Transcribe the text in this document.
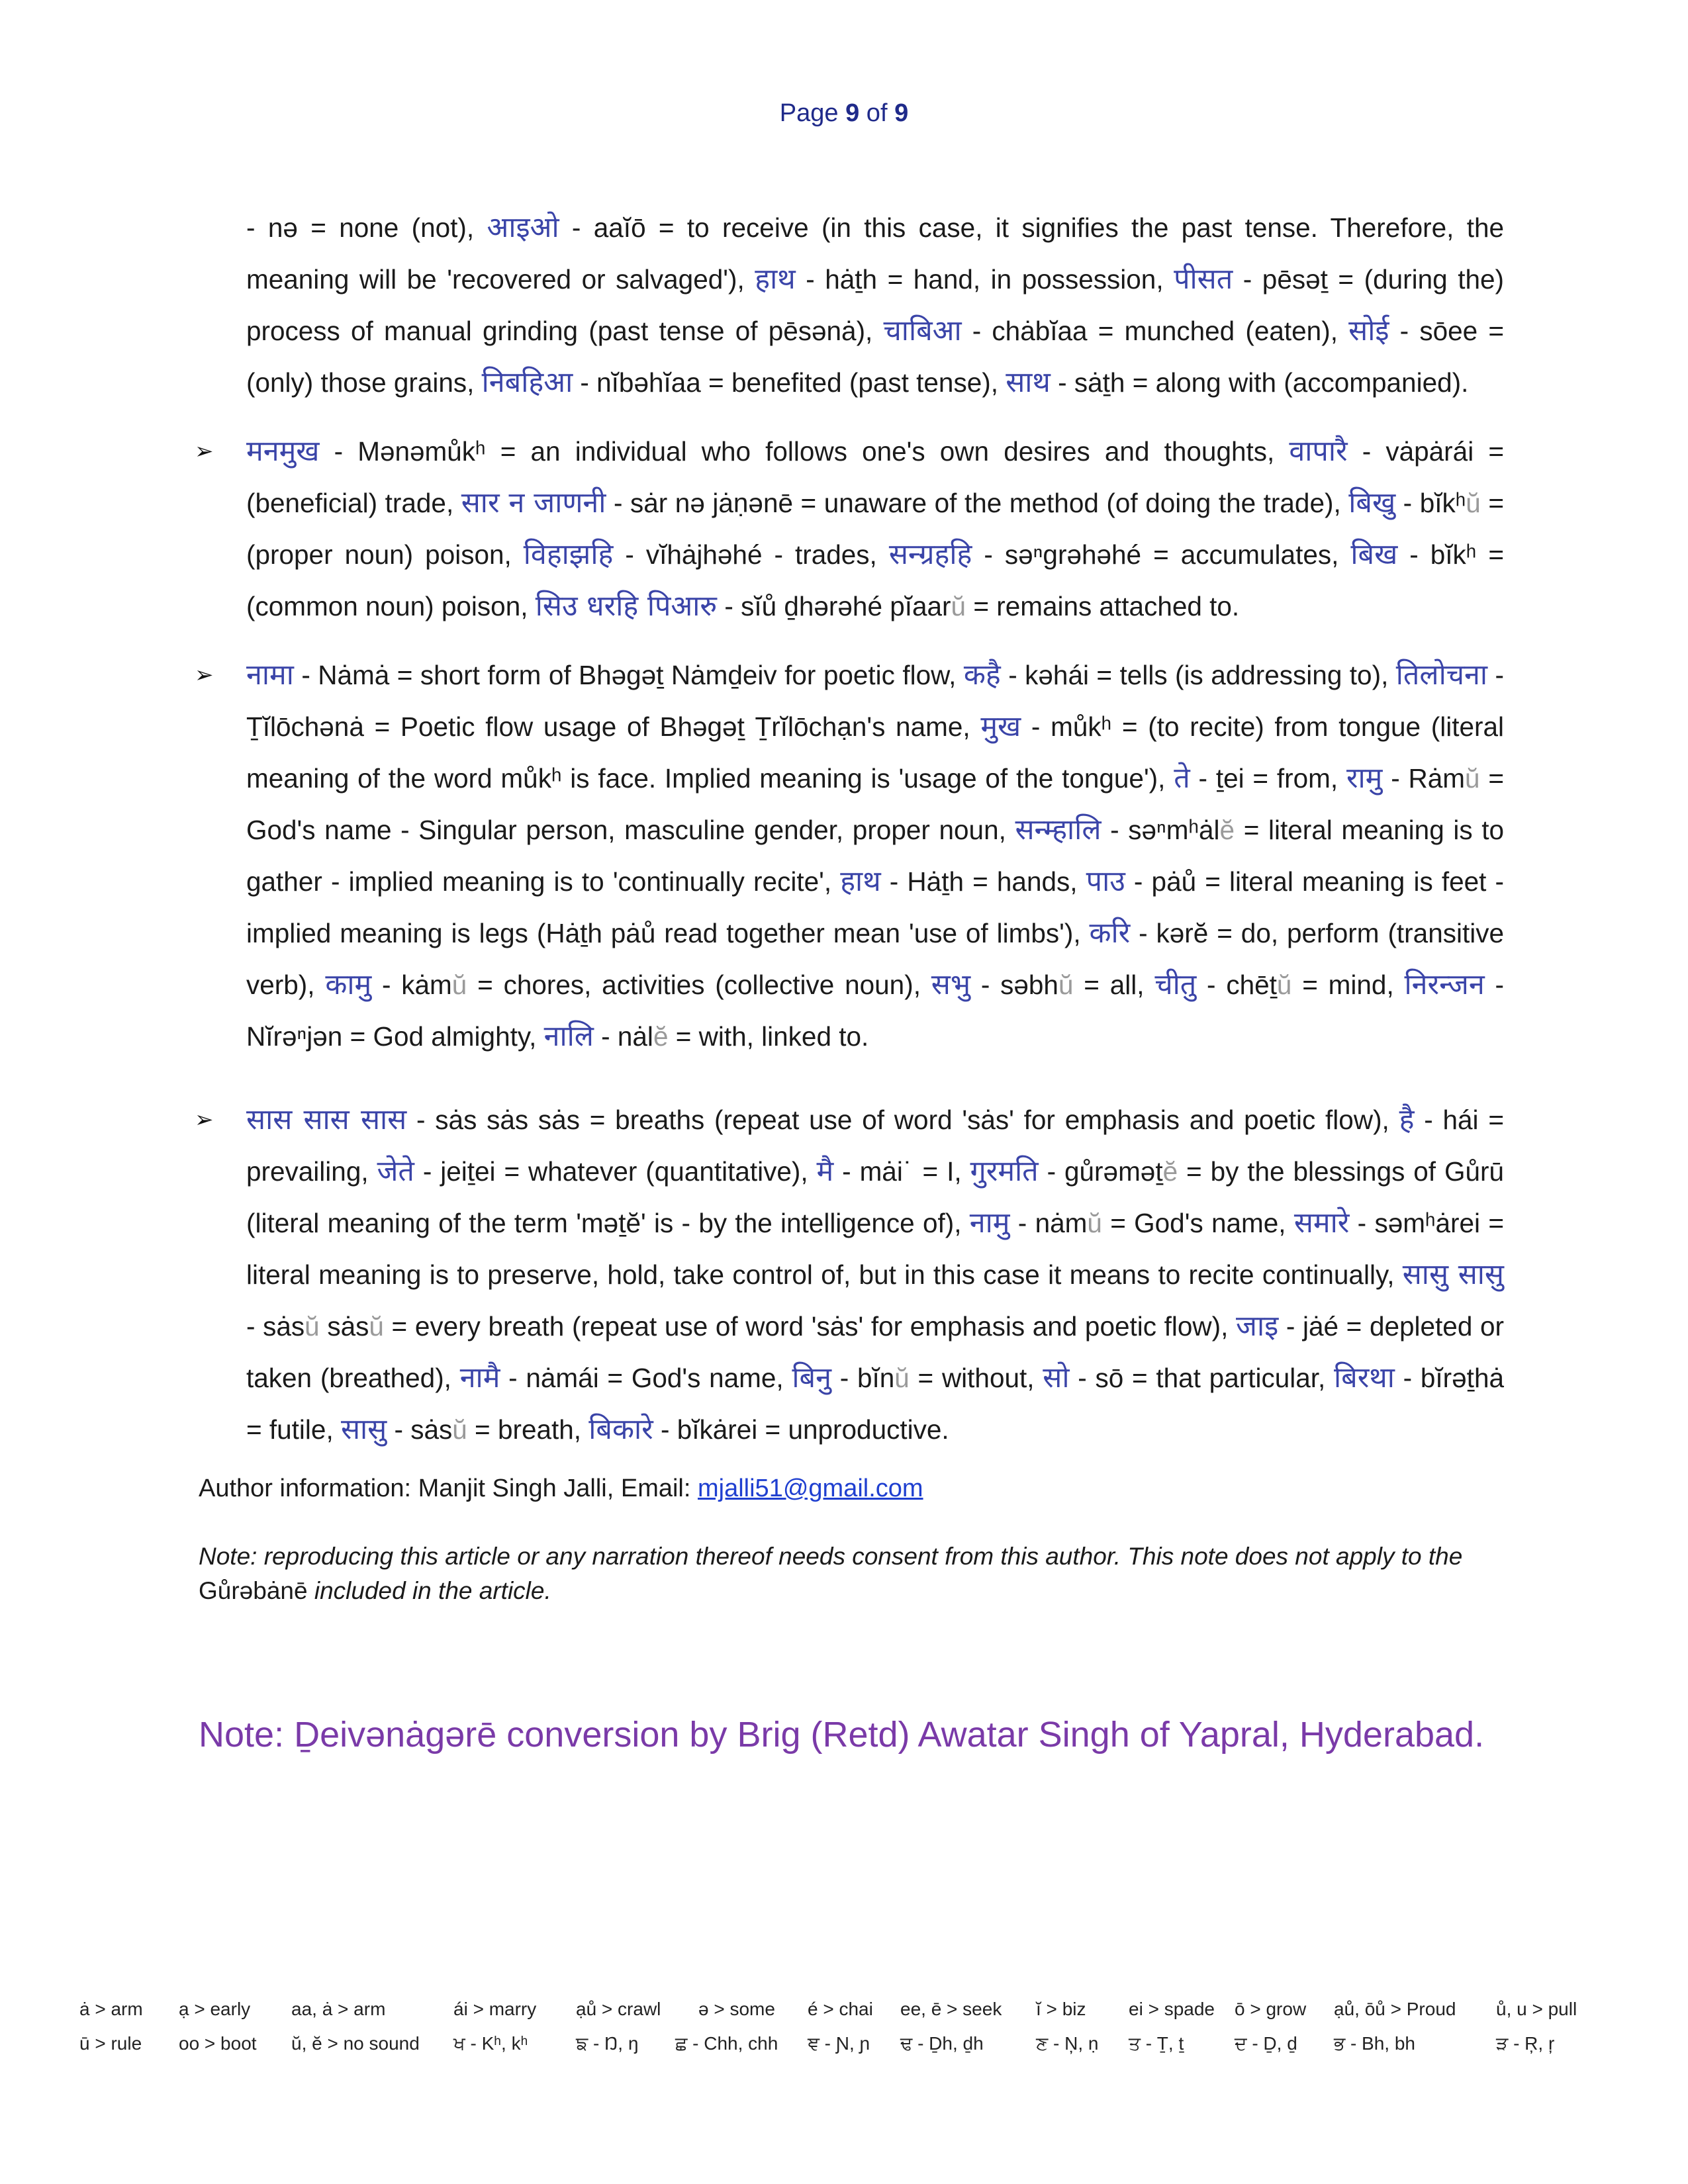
Page 9 of 9

- nə = none (not), आइओ - aaĭō = to receive (in this case, it signifies the past tense. Therefore, the meaning will be 'recovered or salvaged'), हाथ - hȧṯh = hand, in possession, पीसत - pēsəṯ = (during the) process of manual grinding (past tense of pēsənȧ), चाबिआ - chȧbĭaa = munched (eaten), सोई - sōee = (only) those grains, निबहिआ - nĭbəhĭaa = benefited (past tense), साथ - sȧṯh = along with (accompanied).

➢ मनमुख - Mənəmůkʰ = an individual who follows one's own desires and thoughts, वापारै - vȧpȧrái = (beneficial) trade, सार न जाणनी - sȧr nə jȧṇənē = unaware of the method (of doing the trade), बिखु - bĭkʰŭ = (proper noun) poison, विहाझहि - vĭhȧjhəhé - trades, सन्ग्रहहि - səⁿgrəhəhé = accumulates, बिख - bĭkʰ = (common noun) poison, सिउ धरहि पिआरु - sĭů ḏhərəhé pĭaarŭ = remains attached to.

➢ नामा - Nȧmȧ = short form of Bhəgəṯ Nȧmḏeiv for poetic flow, कहै - kəhái = tells (is addressing to), तिलोचना - Ṯĭlōchənȧ = Poetic flow usage of Bhəgəṯ Ṯrĭlōchạn's name, मुख - můkʰ = (to recite) from tongue (literal meaning of the word můkʰ is face. Implied meaning is 'usage of the tongue'), ते - ṯei = from, रामु - Rȧmŭ = God's name - Singular person, masculine gender, proper noun, सन्म्हालि - səⁿmʰȧlĕ = literal meaning is to gather - implied meaning is to 'continually recite', हाथ - Hȧṯh = hands, पाउ - pȧů = literal meaning is feet - implied meaning is legs (Hȧṯh pȧů read together mean 'use of limbs'), करि - kərĕ = do, perform (transitive verb), कामु - kȧmŭ = chores, activities (collective noun), सभु - səbhŭ = all, चीतु - chēṯŭ = mind, निरन्जन - Nĭrəⁿjən = God almighty, नालि - nȧlĕ = with, linked to.

➢ सास सास सास - sȧs sȧs sȧs = breaths (repeat use of word 'sȧs' for emphasis and poetic flow), है - hái = prevailing, जेते - jeiṯei = whatever (quantitative), मै - mȧi˙ = I, गुरमति - gůrəməṯĕ = by the blessings of Gůrū (literal meaning of the term 'məṯĕ' is - by the intelligence of), नामु - nȧmŭ = God's name, समारे - səmʰȧrei = literal meaning is to preserve, hold, take control of, but in this case it means to recite continually, सासु सासु - sȧsŭ sȧsŭ = every breath (repeat use of word 'sȧs' for emphasis and poetic flow), जाइ - jȧé = depleted or taken (breathed), नामै - nȧmái = God's name, बिनु - bĭnŭ = without, सो - sō = that particular, बिरथा - bĭrəṯhȧ = futile, सासु - sȧsŭ = breath, बिकारे - bĭkȧrei = unproductive.

Author information: Manjit Singh Jalli, Email: mjalli51@gmail.com
Note: reproducing this article or any narration thereof needs consent from this author. This note does not apply to the Gůrəbȧnē included in the article.
Note: Ḏeivənȧgərē conversion by Brig (Retd) Awatar Singh of Yapral, Hyderabad.
ȧ > arm ạ > early aa, ȧ > arm	ái > marry ạů > crawl ə > some é > chai ee, ē > seek ĭ > biz ei > spade ō > grow ạů, ōů > Proud ů, u > pull
ū > rule oo > boot ŭ, ĕ > no sound ਖ - Kʰ, kʰ	ਙ - Ŋ, ŋ ਛ - Chh, chh ਞ - Ɲ, ɲ ਢ - Ḏh, ḏh	ਣ - N̦, ṇ ਤ - Ṯ, ṯ	ਦ - Ḏ, ḏ ਭ - Bh, bh	ੜ - Ŗ, ŗ
